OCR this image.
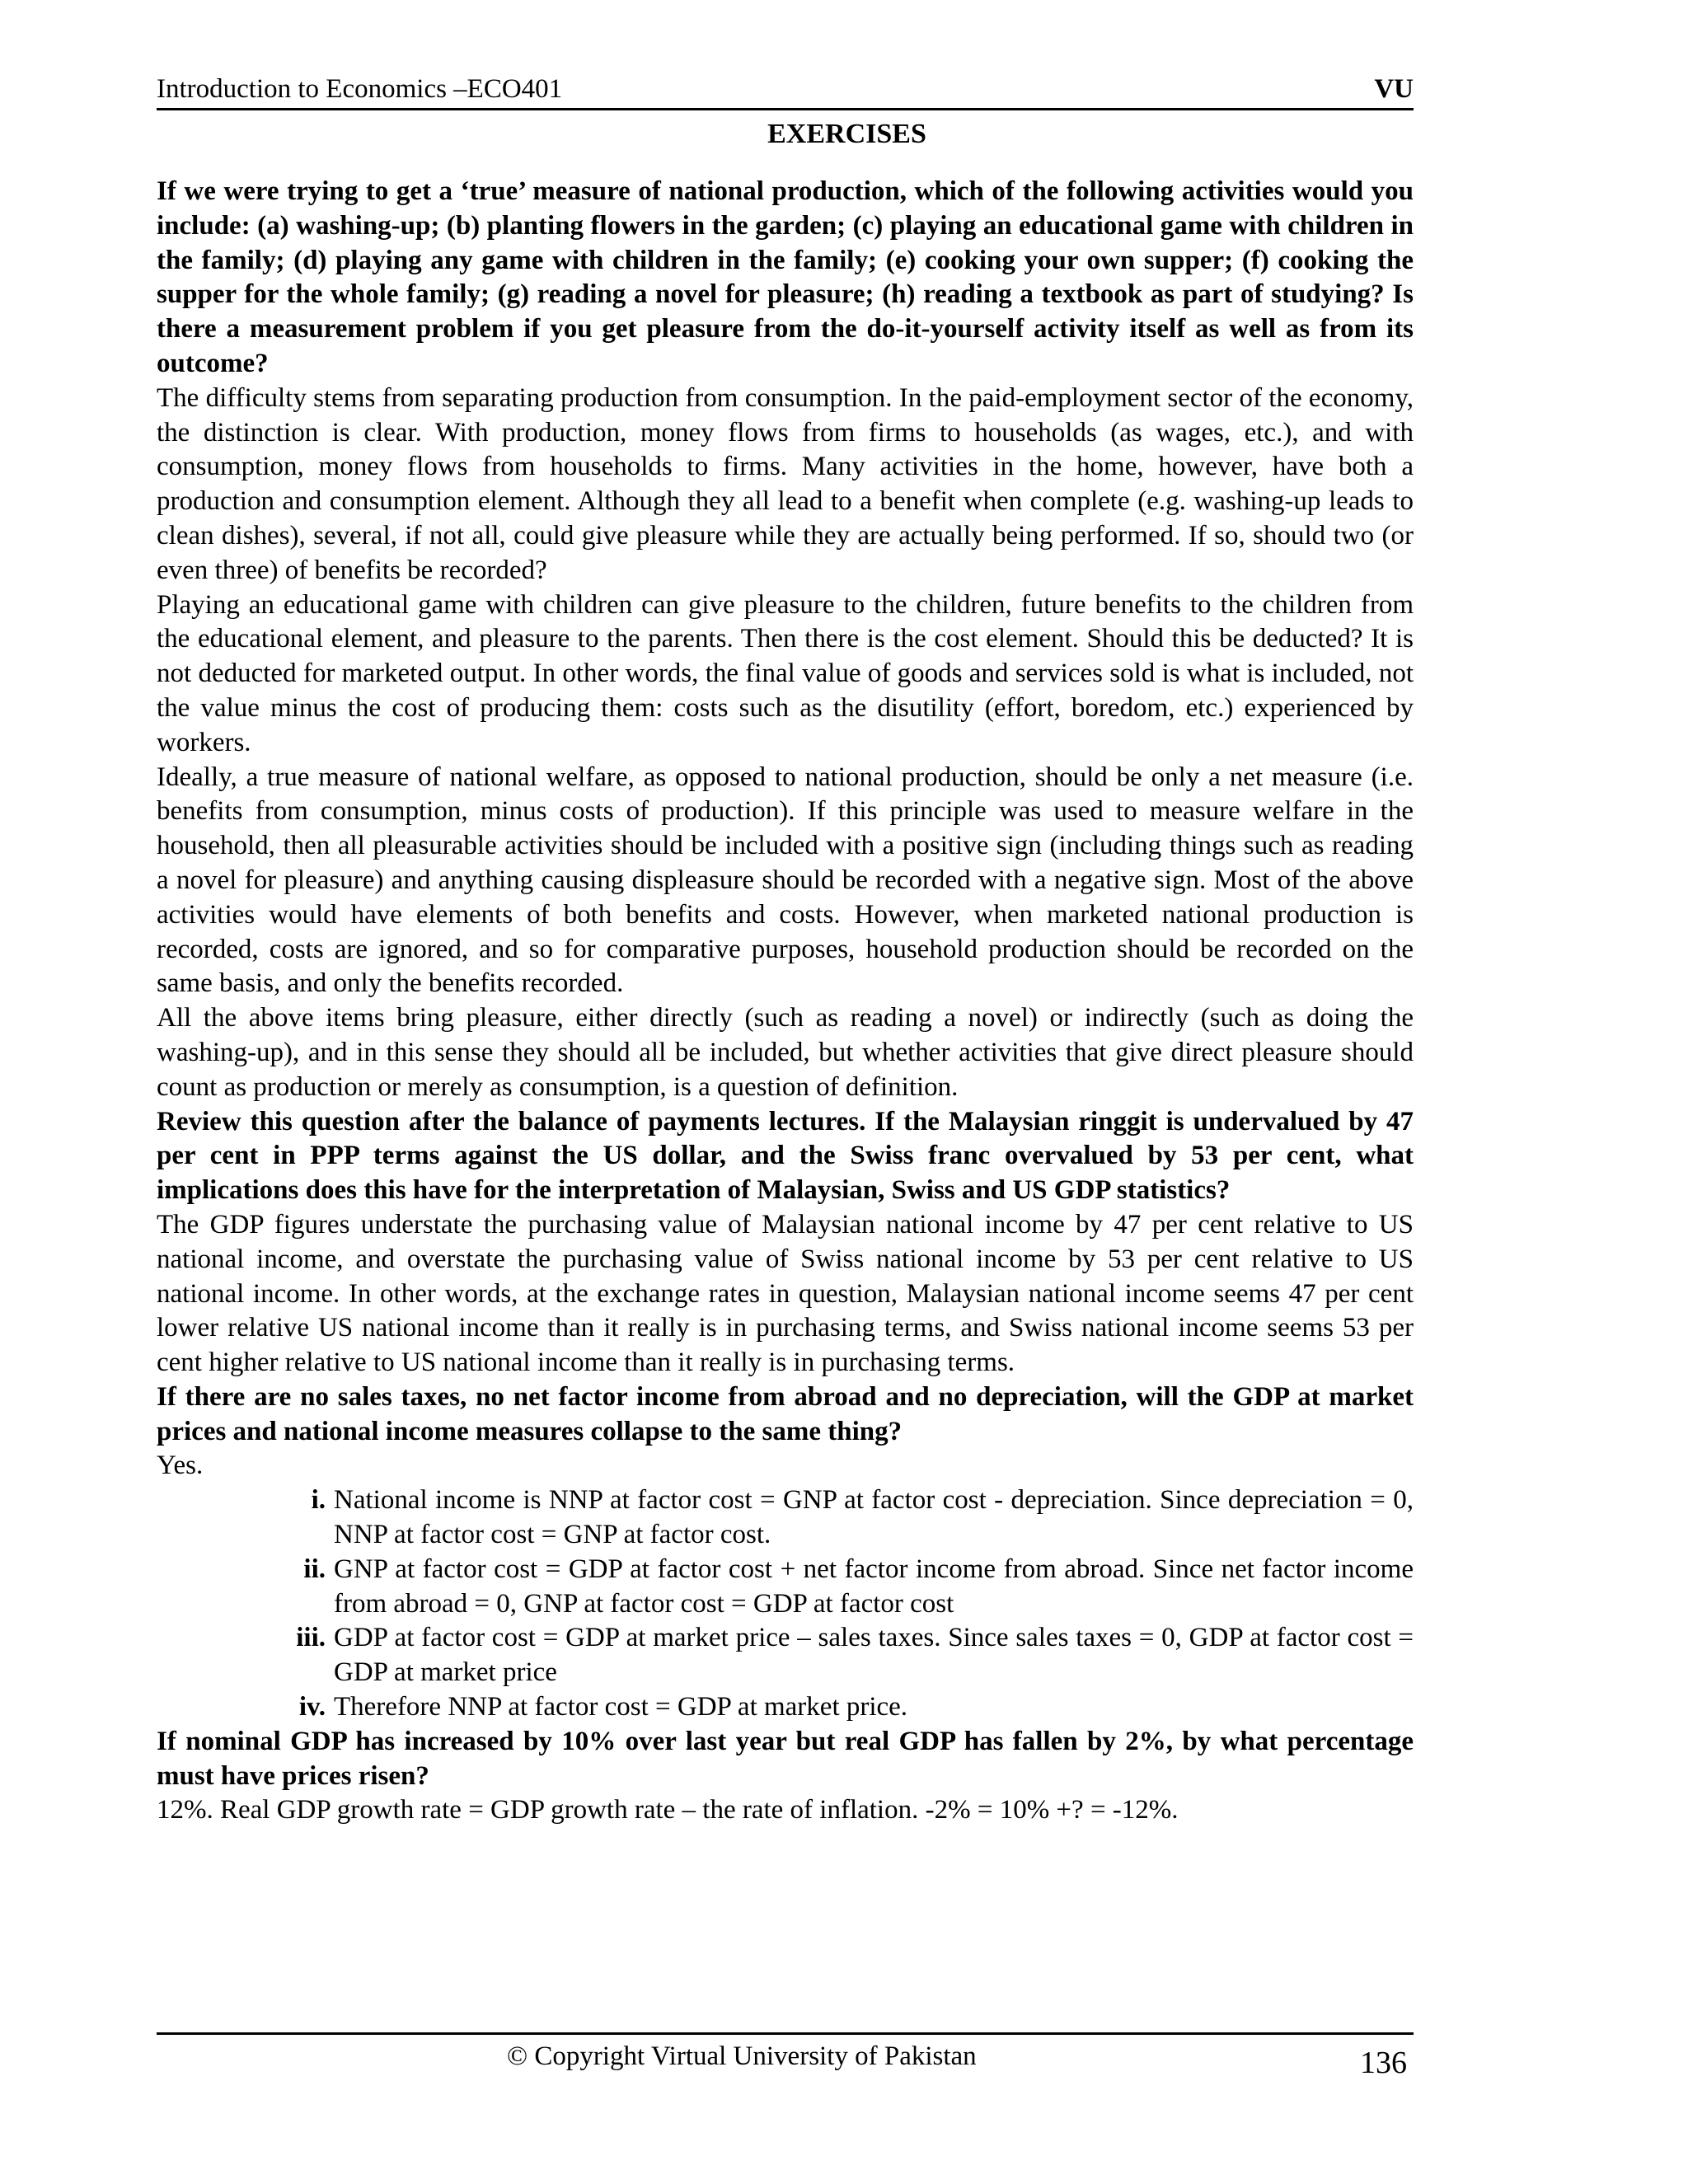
Introduction to Economics –ECO401	VU
EXERCISES

If we were trying to get a ‘true’ measure of national production, which of the following activities would you include: (a) washing-up; (b) planting flowers in the garden; (c) playing an educational game with children in the family; (d) playing any game with children in the family; (e) cooking your own supper; (f) cooking the supper for the whole family; (g) reading a novel for pleasure; (h) reading a textbook as part of studying? Is there a measurement problem if you get pleasure from the do-it-yourself activity itself as well as from its outcome?

The difficulty stems from separating production from consumption. In the paid-employment sector of the economy, the distinction is clear. With production, money flows from firms to households (as wages, etc.), and with consumption, money flows from households to firms. Many activities in the home, however, have both a production and consumption element. Although they all lead to a benefit when complete (e.g. washing-up leads to clean dishes), several, if not all, could give pleasure while they are actually being performed. If so, should two (or even three) of benefits be recorded?

Playing an educational game with children can give pleasure to the children, future benefits to the children from the educational element, and pleasure to the parents. Then there is the cost element. Should this be deducted? It is not deducted for marketed output. In other words, the final value of goods and services sold is what is included, not the value minus the cost of producing them: costs such as the disutility (effort, boredom, etc.) experienced by workers.

Ideally, a true measure of national welfare, as opposed to national production, should be only a net measure (i.e. benefits from consumption, minus costs of production). If this principle was used to measure welfare in the household, then all pleasurable activities should be included with a positive sign (including things such as reading a novel for pleasure) and anything causing displeasure should be recorded with a negative sign. Most of the above activities would have elements of both benefits and costs. However, when marketed national production is recorded, costs are ignored, and so for comparative purposes, household production should be recorded on the same basis, and only the benefits recorded.

All the above items bring pleasure, either directly (such as reading a novel) or indirectly (such as doing the washing-up), and in this sense they should all be included, but whether activities that give direct pleasure should count as production or merely as consumption, is a question of definition.

Review this question after the balance of payments lectures. If the Malaysian ringgit is undervalued by 47 per cent in PPP terms against the US dollar, and the Swiss franc overvalued by 53 per cent, what implications does this have for the interpretation of Malaysian, Swiss and US GDP statistics?

The GDP figures understate the purchasing value of Malaysian national income by 47 per cent relative to US national income, and overstate the purchasing value of Swiss national income by 53 per cent relative to US national income. In other words, at the exchange rates in question, Malaysian national income seems 47 per cent lower relative US national income than it really is in purchasing terms, and Swiss national income seems 53 per cent higher relative to US national income than it really is in purchasing terms.

If there are no sales taxes, no net factor income from abroad and no depreciation, will the GDP at market prices and national income measures collapse to the same thing?

Yes.

i. National income is NNP at factor cost = GNP at factor cost - depreciation. Since depreciation = 0, NNP at factor cost = GNP at factor cost.
ii. GNP at factor cost = GDP at factor cost + net factor income from abroad. Since net factor income from abroad = 0, GNP at factor cost = GDP at factor cost
iii. GDP at factor cost = GDP at market price – sales taxes. Since sales taxes = 0, GDP at factor cost = GDP at market price
iv. Therefore NNP at factor cost = GDP at market price.

If nominal GDP has increased by 10% over last year but real GDP has fallen by 2%, by what percentage must have prices risen?

12%. Real GDP growth rate = GDP growth rate – the rate of inflation. -2% = 10% +? = -12%.

© Copyright Virtual University of Pakistan	136
